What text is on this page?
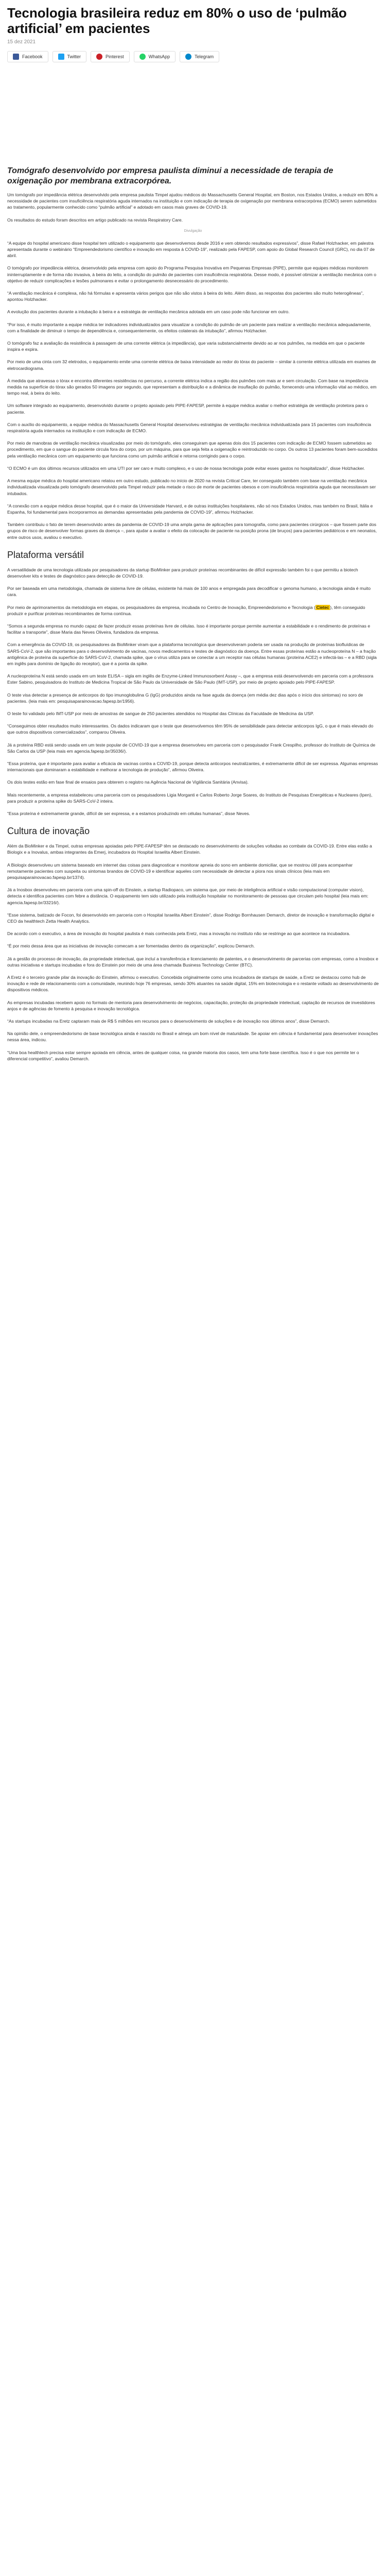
Tecnologia brasileira reduz em 80% o uso de ‘pulmão artificial’ em pacientes
15 dez 2021
Facebook	Twitter	Pinterest	WhatsApp	Telegram
Tomógrafo desenvolvido por empresa paulista diminui a necessidade de terapia de oxigenação por membrana extracorpórea.

Um tomógrafo por impedância elétrica desenvolvido pela empresa paulista Timpel ajudou médicos do Massachusetts General Hospital, em Boston, nos Estados Unidos, a reduzir em 80% a necessidade de pacientes com insuficiência respiratória aguda internados na instituição e com indicação de terapia de oxigenação por membrana extracorpórea (ECMO) serem submetidos ao tratamento, popularmente conhecido como “pulmão artificial” e adotado em casos mais graves de COVID-19.

Os resultados do estudo foram descritos em artigo publicado na revista Respiratory Care.

Divulgação

“A equipe do hospital americano disse hospital tem utilizado o equipamento que desenvolvemos desde 2016 e vem obtendo resultados expressivos”, disse Rafael Holzhacker, em palestra apresentada durante o webinário “Empreendedorismo científico e inovação em resposta à COVID-19”, realizado pela FAPESP, com apoio do Global Research Council (GRC), no dia 07 de abril.

O tomógrafo por impedância elétrica, desenvolvido pela empresa com apoio do Programa Pesquisa Inovativa em Pequenas Empresas (PIPE), permite que equipes médicas monitorem ininterruptamente e de forma não invasiva, à beira do leito, a condição do pulmão de pacientes com insuficiência respiratória. Desse modo, é possível otimizar a ventilação mecânica com o objetivo de reduzir complicações e lesões pulmonares e evitar o prolongamento desnecessário do procedimento.

“A ventilação mecânica é complexa, não há fórmulas e apresenta vários perigos que não são vistos à beira do leito. Além disso, as respostas dos pacientes são muito heterogêneas”, apontou Holzhacker.

A evolução dos pacientes durante a intubação à beira e a estratégia de ventilação mecânica adotada em um caso pode não funcionar em outro.

“Por isso, é muito importante a equipe médica ter indicadores individualizados para visualizar a condição do pulmão de um paciente para realizar a ventilação mecânica adequadamente, com a finalidade de diminuir o tempo de dependência e, consequentemente, os efeitos colaterais da intubação”, afirmou Holzhacker.

O tomógrafo faz a avaliação da resistência à passagem de uma corrente elétrica (a impedância), que varia substancialmente devido ao ar nos pulmões, na medida em que o paciente inspira e expira.

Por meio de uma cinta com 32 eletrodos, o equipamento emite uma corrente elétrica de baixa intensidade ao redor do tórax do paciente – similar à corrente elétrica utilizada em exames de eletrocardiograma.

À medida que atravessa o tórax e encontra diferentes resistências no percurso, a corrente elétrica indica a região dos pulmões com mais ar e sem circulação. Com base na impedância medida na superfície do tórax são gerados 50 imagens por segundo, que representam a distribuição e a dinâmica de insuflação do pulmão, fornecendo uma informação vital ao médico, em tempo real, à beira do leito.

Um software integrado ao equipamento, desenvolvido durante o projeto apoiado pelo PIPE-FAPESP, permite à equipe médica avaliar o melhor estratégia de ventilação protetora para o paciente.

Com o auxílio do equipamento, a equipe médica do Massachusetts General Hospital desenvolveu estratégias de ventilação mecânica individualizada para 15 pacientes com insuficiência respiratória aguda internados na instituição e com indicação de ECMO.

Por meio de manobras de ventilação mecânica visualizadas por meio do tomógrafo, eles conseguiram que apenas dois dos 15 pacientes com indicação de ECMO fossem submetidos ao procedimento, em que o sangue do paciente circula fora do corpo, por um máquina, para que seja feita a oxigenação e reintroduzido no corpo. Os outros 13 pacientes foram bem-sucedidos pela ventilação mecânica com um equipamento que funciona como um pulmão artificial e retorna corrigindo para o corpo.

“O ECMO é um dos últimos recursos utilizados em uma UTI por ser caro e muito complexo, e o uso de nossa tecnologia pode evitar esses gastos no hospitalizado”, disse Holzhacker.

A mesma equipe médica do hospital americano relatou em outro estudo, publicado no início de 2020 na revista Critical Care, ter conseguido também com base na ventilação mecânica individualizada visualizada pelo tomógrafo desenvolvido pela Timpel reduzir pela metade o risco de morte de pacientes obesos e com insuficiência respiratória aguda que necessitavam ser intubados.

“A conexão com a equipe médica desse hospital, que é o maior da Universidade Harvard, e de outras instituições hospitalares, não só nos Estados Unidos, mas também no Brasil, Itália e Espanha, foi fundamental para incorporarmos as demandas apresentadas pela pandemia de COVID-19”, afirmou Holzhacker.

Também contribuiu o fato de terem desenvolvido antes da pandemia de COVID-19 uma ampla gama de aplicações para tomografia, como para pacientes cirúrgicos – que fossem parte dos grupos de risco de desenvolver formas graves da doença –, para ajudar a avaliar o efeito da colocação de paciente na posição prona (de bruços) para pacientes pediátricos e em neonatos, entre outros usos, avaliou o executivo.

Plataforma versátil

A versatilidade de uma tecnologia utilizada por pesquisadores da startup BioMinker para produzir proteínas recombinantes de difícil expressão também foi o que permitiu a biotech desenvolver kits e testes de diagnóstico para detecção de COVID-19.

Por ser baseada em uma metodologia, chamada de sistema livre de células, existente há mais de 100 anos e empregada para decodificar o genoma humano, a tecnologia ainda é muito cara.

Por meio de aprimoramentos da metodologia em etapas, os pesquisadores da empresa, incubada no Centro de Inovação, Empreendedorismo e Tecnologia ( Cietec ), têm conseguido produzir e purificar proteínas recombinantes de forma contínua.

“Somos a segunda empresa no mundo capaz de fazer produzir essas proteínas livre de células. Isso é importante porque permite aumentar a estabilidade e o rendimento de proteínas e facilitar a transporte”, disse Maria das Neves Oliveira, fundadora da empresa.

Com a emergência da COVID-19, os pesquisadores da BioMinker viram que a plataforma tecnológica que desenvolveram poderia ser usada na produção de proteínas biofluídicas de SARS-CoV-2, que são importantes para o desenvolvimento de vacinas, novos medicamentos e testes de diagnóstico da doença. Entre essas proteínas estão a nucleoproteína N – a fração antigênica de proteína da superfície do SARS-CoV-2, chamada spike, que o vírus utiliza para se conectar a um receptor nas células humanas (proteína ACE2) e infectá-las – e a RBD (sigla em inglês para domínio de ligação do receptor), que é a ponta da spike.

A nucleoproteína N está sendo usada em um teste ELISA – sigla em inglês de Enzyme-Linked Immunosorbent Assay –, que a empresa está desenvolvendo em parceria com a professora Ester Sabino, pesquisadora do Instituto de Medicina Tropical de São Paulo da Universidade de São Paulo (IMT-USP), por meio de projeto apoiado pelo PIPE-FAPESP.

O teste visa detectar a presença de anticorpos do tipo imunoglobulina G (IgG) produzidos ainda na fase aguda da doença (em média dez dias após o início dos sintomas) no soro de pacientes. (leia mais em: pesquisaparainovacao.fapesp.br/1956).

O teste foi validado pelo IMT-USP por meio de amostras de sangue de 250 pacientes atendidos no Hospital das Clínicas da Faculdade de Medicina da USP.

“Conseguimos obter resultados muito interessantes. Os dados indicaram que o teste que desenvolvemos têm 95% de sensibilidade para detectar anticorpos IgG, o que é mais elevado do que outros dispositivos comercializados”, comparou Oliveira.

Já a proteína RBD está sendo usada em um teste popular de COVID-19 que a empresa desenvolveu em parceria com o pesquisador Frank Crespilho, professor do Instituto de Química de São Carlos da USP (leia mais em agencia.fapesp.br/35036/).

“Essa proteína, que é importante para avaliar a eficácia de vacinas contra a COVID-19, porque detecta anticorpos neutralizantes, é extremamente difícil de ser expressa. Algumas empresas internacionais que dominaram a estabilidade e melhorar a tecnologia de produção”, afirmou Oliveira.

Os dois testes estão em fase final de ensaios para obterem o registro na Agência Nacional de Vigilância Sanitária (Anvisa).

Mais recentemente, a empresa estabeleceu uma parceria com os pesquisadores Ligia Morganti e Carlos Roberto Jorge Soares, do Instituto de Pesquisas Energéticas e Nucleares (Ipen), para produzir a proteína spike do SARS-CoV-2 inteira.

“Essa proteína é extremamente grande, difícil de ser expressa, e a estamos produzindo em células humanas”, disse Neves.

Cultura de inovação

Além da BioMinker e da Timpel, outras empresas apoiadas pelo PIPE-FAPESP têm se destacado no desenvolvimento de soluções voltadas ao combate da COVID-19. Entre elas estão a Biologix e a Inovalus, ambas integrantes da Emerj, incubadora do Hospital Israelita Albert Einstein.

A Biologix desenvolveu um sistema baseado em internet das coisas para diagnosticar e monitorar apneia do sono em ambiente domiciliar, que se mostrou útil para acompanhar remotamente pacientes com suspeita ou sintomas brandos de COVID-19 e identificar aqueles com necessidade de detectar a piora nos sinais clínicos (leia mais em pesquisaparainovacao.fapesp.br/1374).

Já a Inosbox desenvolveu em parceria com uma spin-off do Einstein, a startup Radiopaco, um sistema que, por meio de inteligência artificial e visão computacional (computer vision), detecta e identifica pacientes com febre a distância. O equipamento tem sido utilizado pela instituição hospitalar no monitoramento de pessoas que circulam pelo hospital (leia mais em: agencia.fapesp.br/33216/).

“Esse sistema, batizado de Focon, foi desenvolvido em parceria com o Hospital Israelita Albert Einstein”, disse Rodrigo Bornhausen Demarch, diretor de inovação e transformação digital e CEO da healthtech Zetta Health Analytics.

De acordo com o executivo, a área de inovação do hospital paulista é mais conhecida pela Eretz, mas a inovação no instituto não se restringe ao que acontece na incubadora.

“É por meio dessa área que as iniciativas de inovação comecam a ser fomentadas dentro da organização”, explicou Demarch.

Já a gestão do processo de inovação, da propriedade intelectual, que incluí a transferência e licenciamento de patentes, e o desenvolvimento de parcerias com empresas, como a Inosbox e outras iniciativas e startups incubadas e fora do Einstein por meio de uma área chamada Business Technology Center (BTC).

A Eretz é o terceiro grande pilar da inovação do Einstein, afirmou o executivo. Concebida originalmente como uma incubadora de startups de saúde, a Eretz se destacou como hub de inovação e rede de relacionamento com a comunidade, reunindo hoje 76 empresas, sendo 30% atuantes na saúde digital, 15% em biotecnologia e o restante voltado ao desenvolvimento de dispositivos médicos.

As empresas incubadas recebem apoio no formato de mentoria para desenvolvimento de negócios, capacitação, proteção da propriedade intelectual, captação de recursos de investidores anjos e de agências de fomento à pesquisa e inovação tecnológica.

“As startups incubadas na Eretz captaram mais de R$ 5 milhões em recursos para o desenvolvimento de soluções e de inovação nos últimos anos”, disse Demarch.

Na opinião dele, o empreendedorismo de base tecnológica ainda é nascido no Brasil e almeja um bom nível de maturidade. Se apoiar em ciência é fundamental para desenvolver inovações nessa área, indicou.

“Uma boa healthtech precisa estar sempre apoiada em ciência, antes de qualquer coisa, na grande maioria dos casos, tem uma forte base científica. Isso é o que nos permite ter o diferencial competitivo”, avaliou Demarch.
